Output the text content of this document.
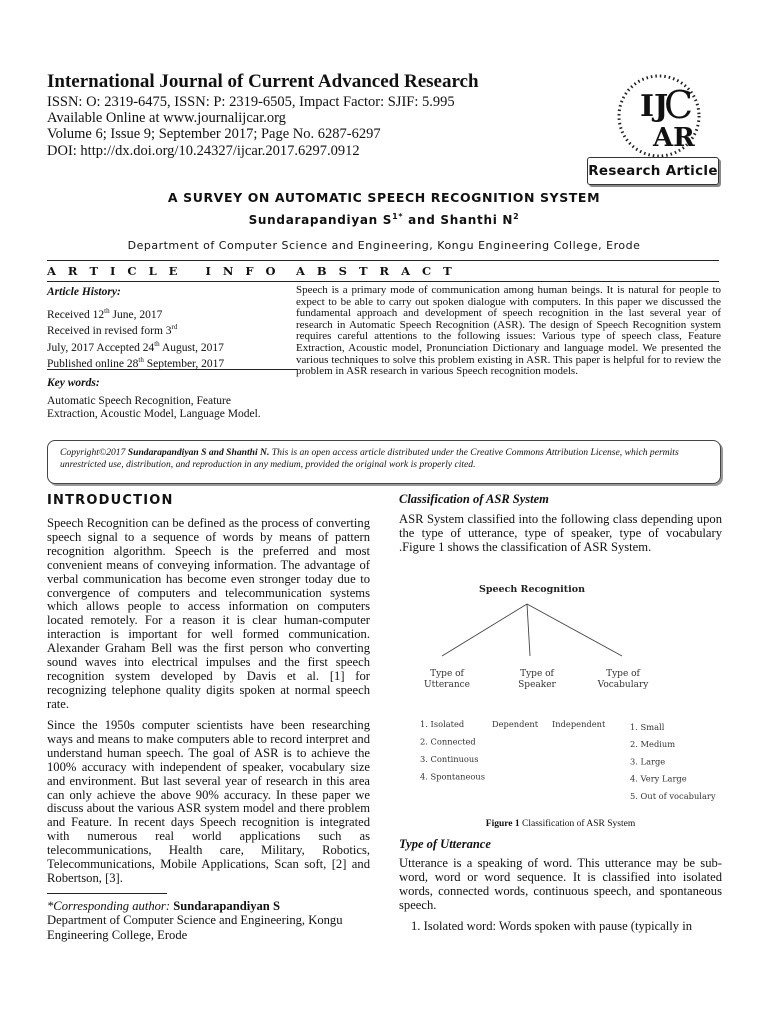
International Journal of Current Advanced Research
ISSN: O: 2319-6475, ISSN: P: 2319-6505, Impact Factor: SJIF: 5.995
Available Online at www.journalijcar.org
Volume 6; Issue 9; September 2017; Page No. 6287-6297
DOI: http://dx.doi.org/10.24327/ijcar.2017.6297.0912
IJ
C
AR
Research Article
A SURVEY ON AUTOMATIC SPEECH RECOGNITION SYSTEM
Sundarapandiyan $S^{1*}$ and Shanthi $N^2$
Department of Computer Science and Engineering, Kongu Engineering College, Erode
A R T I C L E   I N F O A B S T R A C T
Article History:
Received 12th June, 2017
Received in revised form 3rd
July, 2017 Accepted 24th August, 2017
Published online 28th September, 2017
Key words:
Automatic Speech Recognition, Feature Extraction, Acoustic Model, Language Model.
Speech is a primary mode of communication among human beings. It is natural for people to expect to be able to carry out spoken dialogue with computers. In this paper we discussed the fundamental approach and development of speech recognition in the last several year of research in Automatic Speech Recognition (ASR). The design of Speech Recognition system requires careful attentions to the following issues: Various type of speech class, Feature Extraction, Acoustic model, Pronunciation Dictionary and language model. We presented the various techniques to solve this problem existing in ASR. This paper is helpful for to review the problem in ASR research in various Speech recognition models.
Copyright©2017 Sundarapandiyan S and Shanthi N. This is an open access article distributed under the Creative Commons Attribution License, which permits unrestricted use, distribution, and reproduction in any medium, provided the original work is properly cited.
INTRODUCTION
Speech Recognition can be defined as the process of converting speech signal to a sequence of words by means of pattern recognition algorithm. Speech is the preferred and most convenient means of conveying information. The advantage of verbal communication has become even stronger today due to convergence of computers and telecommunication systems which allows people to access information on computers located remotely. For a reason it is clear human-computer interaction is important for well formed communication. Alexander Graham Bell was the first person who converting sound waves into electrical impulses and the first speech recognition system developed by Davis et al. [1] for recognizing telephone quality digits spoken at normal speech rate.
Since the 1950s computer scientists have been researching ways and means to make computers able to record interpret and understand human speech. The goal of ASR is to achieve the 100% accuracy with independent of speaker, vocabulary size and environment. But last several year of research in this area can only achieve the above 90% accuracy. In these paper we discuss about the various ASR system model and there problem and Feature. In recent days Speech recognition is integrated with numerous real world applications such as telecommunications, Health care, Military, Robotics, Telecommunications, Mobile Applications, Scan soft, [2] and Robertson, [3].
*Corresponding author: Sundarapandiyan S
Department of Computer Science and Engineering, Kongu Engineering College, Erode
Classification of ASR System
ASR System classified into the following class depending upon the type of utterance, type of speaker, type of vocabulary .Figure 1 shows the classification of ASR System.
Speech Recognition
Type of
Utterance
Type of
Speaker
Type of
Vocabulary
1. Isolated
2. Connected
3. Continuous
4. Spontaneous
Dependent Independent	1. Small
2. Medium
3. Large
4. Very Large
5. Out of vocabulary
Figure 1 Classification of ASR System
Type of Utterance
Utterance is a speaking of word. This utterance may be sub-word, word or word sequence. It is classified into isolated words, connected words, continuous speech, and spontaneous speech.
1. Isolated word: Words spoken with pause (typically in
